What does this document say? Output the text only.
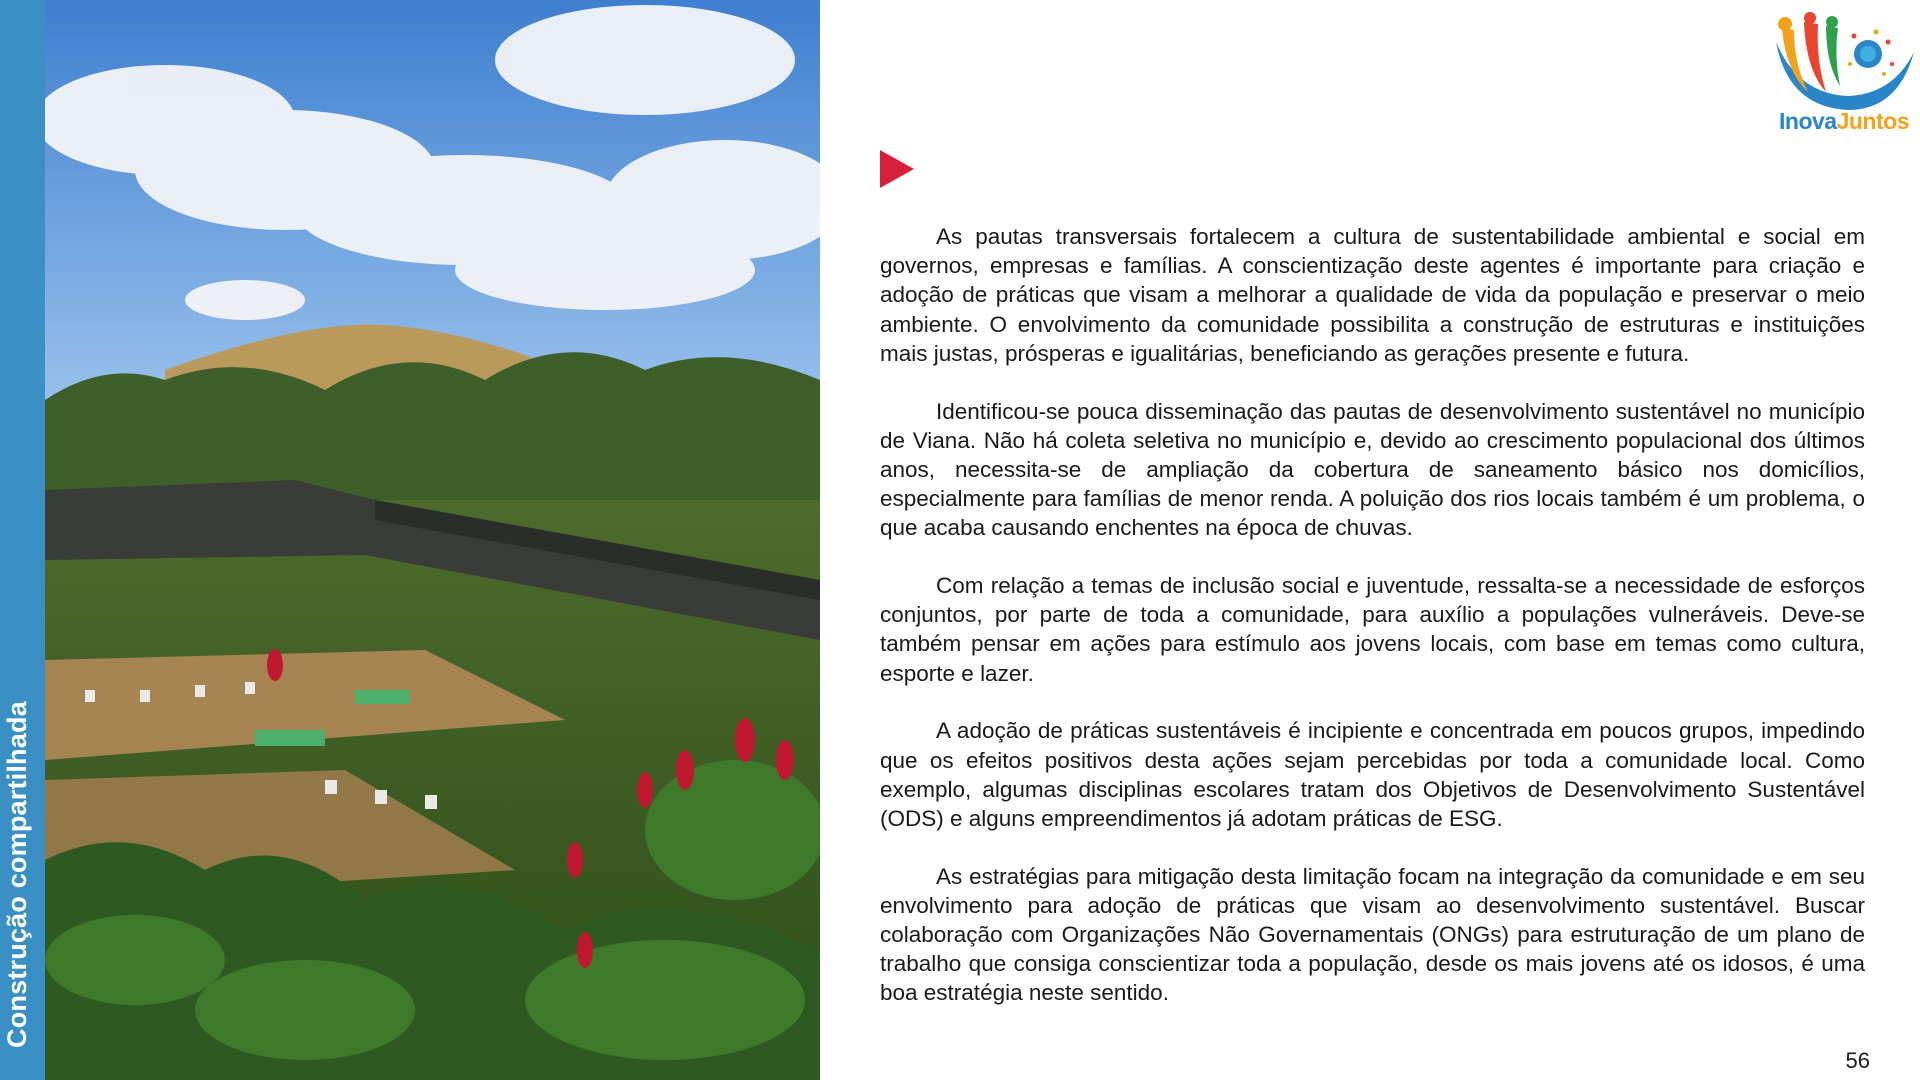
Construção compartilhada
InovaJuntos

As pautas transversais fortalecem a cultura de sustentabilidade ambiental e social em governos, empresas e famílias. A conscientização deste agentes é importante para criação e adoção de práticas que visam a melhorar a qualidade de vida da população e preservar o meio ambiente. O envolvimento da comunidade possibilita a construção de estruturas e instituições mais justas, prósperas e igualitárias, beneficiando as gerações presente e futura.

Identificou-se pouca disseminação das pautas de desenvolvimento sustentável no município de Viana. Não há coleta seletiva no município e, devido ao crescimento populacional dos últimos anos, necessita-se de ampliação da cobertura de saneamento básico nos domicílios, especialmente para famílias de menor renda. A poluição dos rios locais também é um problema, o que acaba causando enchentes na época de chuvas.

Com relação a temas de inclusão social e juventude, ressalta-se a necessidade de esforços conjuntos, por parte de toda a comunidade, para auxílio a populações vulneráveis. Deve-se também pensar em ações para estímulo aos jovens locais, com base em temas como cultura, esporte e lazer.

A adoção de práticas sustentáveis é incipiente e concentrada em poucos grupos, impedindo que os efeitos positivos desta ações sejam percebidas por toda a comunidade local. Como exemplo, algumas disciplinas escolares tratam dos Objetivos de Desenvolvimento Sustentável (ODS) e alguns empreendimentos já adotam práticas de ESG.

As estratégias para mitigação desta limitação focam na integração da comunidade e em seu envolvimento para adoção de práticas que visam ao desenvolvimento sustentável. Buscar colaboração com Organizações Não Governamentais (ONGs) para estruturação de um plano de trabalho que consiga conscientizar toda a população, desde os mais jovens até os idosos, é uma boa estratégia neste sentido.

56
